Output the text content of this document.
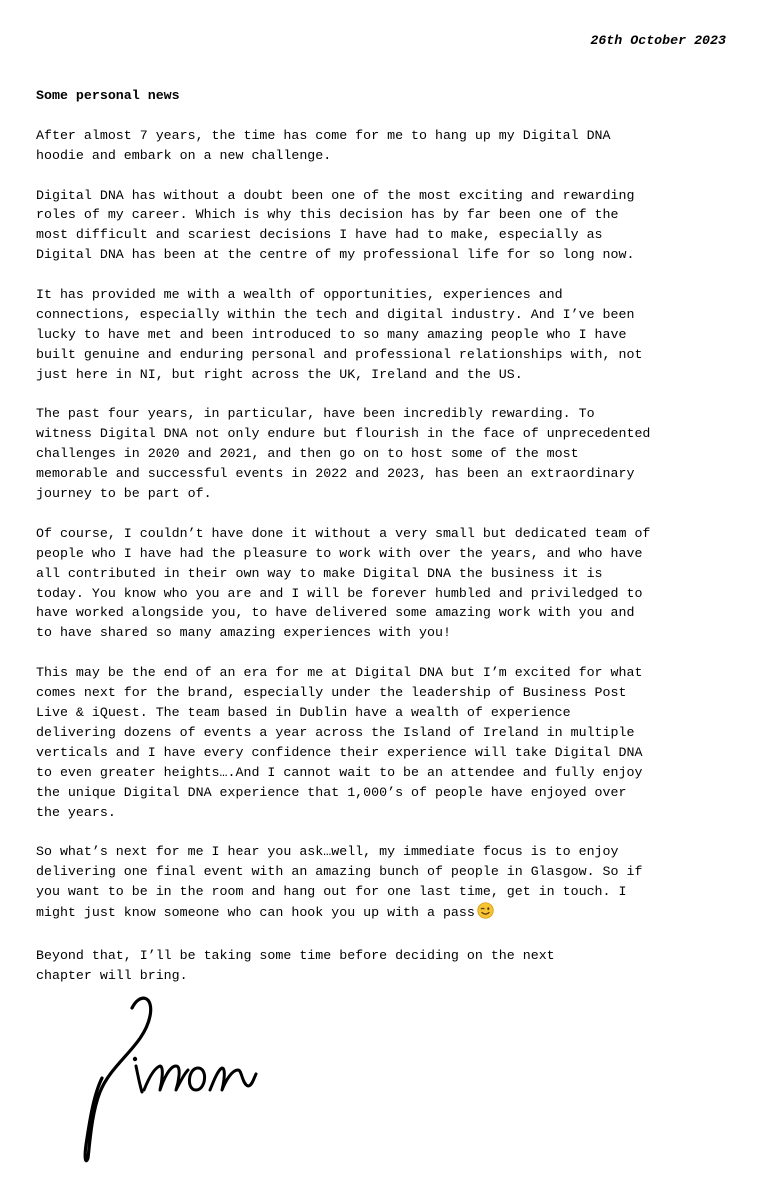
26th October 2023

Some personal news

After almost 7 years, the time has come for me to hang up my Digital DNA
hoodie and embark on a new challenge.

Digital DNA has without a doubt been one of the most exciting and rewarding
roles of my career. Which is why this decision has by far been one of the
most difficult and scariest decisions I have had to make, especially as
Digital DNA has been at the centre of my professional life for so long now.

It has provided me with a wealth of opportunities, experiences and
connections, especially within the tech and digital industry. And I’ve been
lucky to have met and been introduced to so many amazing people who I have
built genuine and enduring personal and professional relationships with, not
just here in NI, but right across the UK, Ireland and the US.

The past four years, in particular, have been incredibly rewarding. To
witness Digital DNA not only endure but flourish in the face of unprecedented
challenges in 2020 and 2021, and then go on to host some of the most
memorable and successful events in 2022 and 2023, has been an extraordinary
journey to be part of.

Of course, I couldn’t have done it without a very small but dedicated team of
people who I have had the pleasure to work with over the years, and who have
all contributed in their own way to make Digital DNA the business it is
today. You know who you are and I will be forever humbled and priviledged to
have worked alongside you, to have delivered some amazing work with you and
to have shared so many amazing experiences with you!

This may be the end of an era for me at Digital DNA but I’m excited for what
comes next for the brand, especially under the leadership of Business Post
Live & iQuest. The team based in Dublin have a wealth of experience
delivering dozens of events a year across the Island of Ireland in multiple
verticals and I have every confidence their experience will take Digital DNA
to even greater heights….And I cannot wait to be an attendee and fully enjoy
the unique Digital DNA experience that 1,000’s of people have enjoyed over
the years.

So what’s next for me I hear you ask…well, my immediate focus is to enjoy
delivering one final event with an amazing bunch of people in Glasgow. So if
you want to be in the room and hang out for one last time, get in touch. I
might just know someone who can hook you up with a pass

Beyond that, I’ll be taking some time before deciding on the next
chapter will bring.
